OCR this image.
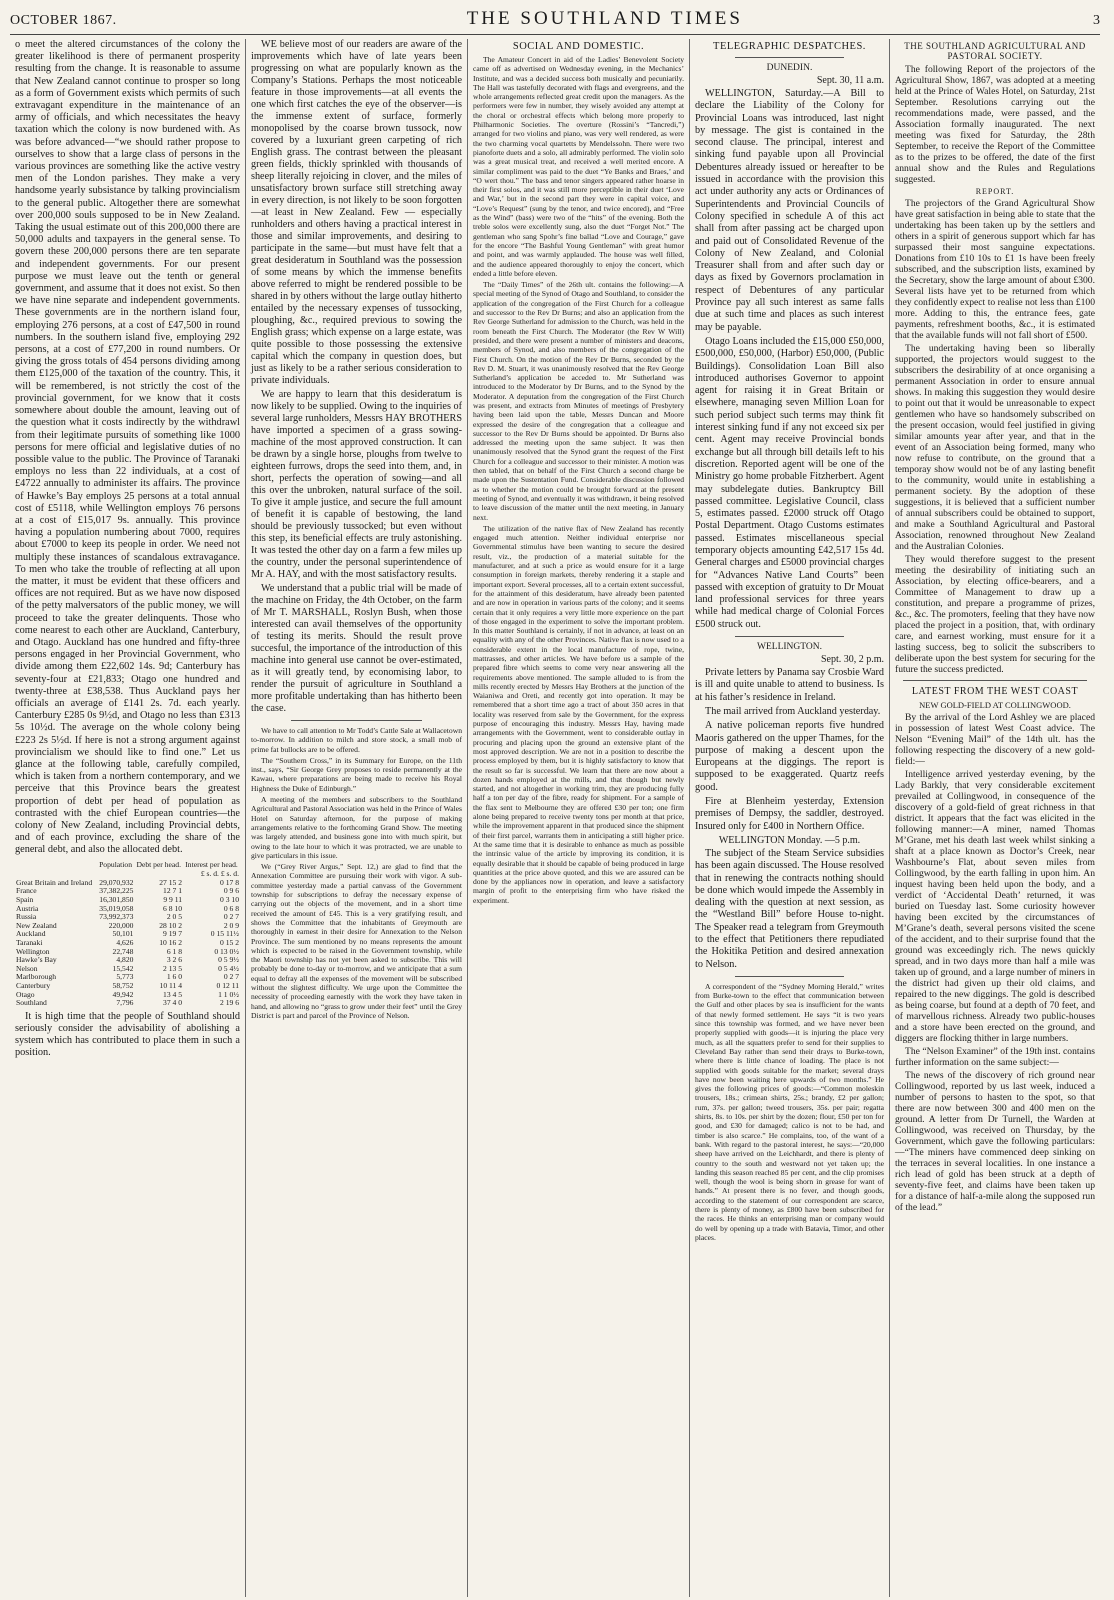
OCTOBER 1867.	THE SOUTHLAND TIMES	3

o meet the altered circumstances of the colony the greater likelihood is there of permanent prosperity resulting from the change. It is reasonable to assume that New Zealand cannot continue to prosper so long as a form of Government exists which permits of such extravagant expenditure in the maintenance of an army of officials, and which necessitates the heavy taxation which the colony is now burdened with. As was before advanced—“we should rather propose to ourselves to show that a large class of persons in the various provinces are something like the active vestry men of the London parishes. They make a very handsome yearly subsistance by talking provincialism to the general public. Altogether there are somewhat over 200,000 souls supposed to be in New Zealand. Taking the usual estimate out of this 200,000 there are 50,000 adults and taxpayers in the general sense. To govern these 200,000 persons there are ten separate and independent governments. For our present purpose we must leave out the tenth or general government, and assume that it does not exist. So then we have nine separate and independent governments. These governments are in the northern island four, employing 276 persons, at a cost of £47,500 in round numbers. In the southern island five, employing 292 persons, at a cost of £77,200 in round numbers. Or giving the gross totals of 454 persons dividing among them £125,000 of the taxation of the country. This, it will be remembered, is not strictly the cost of the provincial government, for we know that it costs somewhere about double the amount, leaving out of the question what it costs indirectly by the withdrawl from their legitimate pursuits of something like 1000 persons for mere official and legislative duties of no possible value to the public. The Province of Taranaki employs no less than 22 individuals, at a cost of £4722 annually to administer its affairs. The province of Hawke’s Bay employs 25 persons at a total annual cost of £5118, while Wellington employs 76 persons at a cost of £15,017 9s. annually. This province having a population numbering about 7000, requires about £7000 to keep its people in order. We need not multiply these instances of scandalous extravagance. To men who take the trouble of reflecting at all upon the matter, it must be evident that these officers and offices are not required. But as we have now disposed of the petty malversators of the public money, we will proceed to take the greater delinquents. Those who come nearest to each other are Auckland, Canterbury, and Otago. Auckland has one hundred and fifty-three persons engaged in her Provincial Government, who divide among them £22,602 14s. 9d; Canterbury has seventy-four at £21,833; Otago one hundred and twenty-three at £38,538. Thus Auckland pays her officials an average of £141 2s. 7d. each yearly. Canterbury £285 0s 9½d, and Otago no less than £313 5s 10½d. The average on the whole colony being £223 2s 5½d. If here is not a strong argument against provincialism we should like to find one.” Let us glance at the following table, carefully compiled, which is taken from a northern contemporary, and we perceive that this Province bears the greatest proportion of debt per head of population as contrasted with the chief European countries—the colony of New Zealand, including Provincial debts, and of each province, excluding the share of the general debt, and also the allocated debt.

	Population	Debt per head.	Interest per head.
		£ s. d. £ s. d.	
Great Britain and Ireland	29,070,932	27 15 2	0 17 8
France	37,382,225	12 7 1	0 9 6
Spain	16,301,850	9 9 11	0 3 10
Austria	35,019,058	6 8 10	0 6 8
Russia	73,992,373	2 0 5	0 2 7
New Zealand	220,000	28 10 2	2 0 9
Auckland	50,101	9 19 7	0 15 11½
Taranaki	4,626	10 16 2	0 15 2
Wellington	22,748	6 1 8	0 13 0½
Hawke’s Bay	4,820	3 2 6	0 5 9½
Nelson	15,542	2 13 5	0 5 4½
Marlborough	5,773	1 6 0	0 2 7
Canterbury	58,752	10 11 4	0 12 11
Otago	49,942	13 4 5	1 1 0½
Southland	7,796	37 4 0	2 19 6

It is high time that the people of Southland should seriously consider the advisability of abolishing a system which has contributed to place them in such a position.

WE believe most of our readers are aware of the improvements which have of late years been progressing on what are popularly known as the Company’s Stations. Perhaps the most noticeable feature in those improvements—at all events the one which first catches the eye of the observer—is the immense extent of surface, formerly monopolised by the coarse brown tussock, now covered by a luxuriant green carpeting of rich English grass. The contrast between the pleasant green fields, thickly sprinkled with thousands of sheep literally rejoicing in clover, and the miles of unsatisfactory brown surface still stretching away in every direction, is not likely to be soon forgotten—at least in New Zealand. Few — especially runholders and others having a practical interest in those and similar improvements, and desiring to participate in the same—but must have felt that a great desideratum in Southland was the possession of some means by which the immense benefits above referred to might be rendered possible to be shared in by others without the large outlay hitherto entailed by the necessary expenses of tussocking, ploughing, &c., required previous to sowing the English grass; which expense on a large estate, was quite possible to those possessing the extensive capital which the company in question does, but just as likely to be a rather serious consideration to private individuals.

We are happy to learn that this desideratum is now likely to be supplied. Owing to the inquiries of several large runholders, Messrs HAY BROTHERS have imported a specimen of a grass sowing-machine of the most approved construction. It can be drawn by a single horse, ploughs from twelve to eighteen furrows, drops the seed into them, and, in short, perfects the operation of sowing—and all this over the unbroken, natural surface of the soil. To give it ample justice, and secure the full amount of benefit it is capable of bestowing, the land should be previously tussocked; but even without this step, its beneficial effects are truly astonishing. It was tested the other day on a farm a few miles up the country, under the personal superintendence of Mr A. HAY, and with the most satisfactory results.

We understand that a public trial will be made of the machine on Friday, the 4th October, on the farm of Mr T. MARSHALL, Roslyn Bush, when those interested can avail themselves of the opportunity of testing its merits. Should the result prove succesful, the importance of the introduction of this machine into general use cannot be over-estimated, as it will greatly tend, by economising labor, to render the pursuit of agriculture in Southland a more profitable undertaking than has hitherto been the case.

We have to call attention to Mr Todd’s Cattle Sale at Wallacetown to-morrow. In addition to milch and store stock, a small mob of prime fat bullocks are to be offered.

The “Southern Cross,” in its Summary for Europe, on the 11th inst., says, “Sir George Grey proposes to reside permanently at the Kawau, where preparations are being made to receive his Royal Highness the Duke of Edinburgh.”

A meeting of the members and subscribers to the Southland Agricultural and Pastoral Association was held in the Prince of Wales Hotel on Saturday afternoon, for the purpose of making arrangements relative to the forthcoming Grand Show. The meeting was largely attended, and business gone into with much spirit, but owing to the late hour to which it was protracted, we are unable to give particulars in this issue.

We (“Grey River Argus,” Sept. 12,) are glad to find that the Annexation Committee are pursuing their work with vigor. A sub-committee yesterday made a partial canvass of the Government township for subscriptions to defray the necessary expense of carrying out the objects of the movement, and in a short time received the amount of £45. This is a very gratifying result, and shows the Committee that the inhabitants of Greymouth are thoroughly in earnest in their desire for Annexation to the Nelson Province. The sum mentioned by no means represents the amount which is expected to be raised in the Government township, while the Maori township has not yet been asked to subscribe. This will probably be done to-day or to-morrow, and we anticipate that a sum equal to defray all the expenses of the movement will be subscribed without the slightest difficulty. We urge upon the Committee the necessity of proceeding earnestly with the work they have taken in hand, and allowing no “grass to grow under their feet” until the Grey District is part and parcel of the Province of Nelson.

SOCIAL AND DOMESTIC.

The Amateur Concert in aid of the Ladies’ Benevolent Society came off as advertised on Wednesday evening, in the Mechanics’ Institute, and was a decided success both musically and pecuniarily. The Hall was tastefully decorated with flags and evergreens, and the whole arrangements reflected great credit upon the managers. As the performers were few in number, they wisely avoided any attempt at the choral or orchestral effects which belong more properly to Philharmonic Societies. The overture (Rossini’s “Tancredi,”) arranged for two violins and piano, was very well rendered, as were the two charming vocal quartetts by Mendelssohn. There were two pianoforte duets and a solo, all admirably performed. The violin solo was a great musical treat, and received a well merited encore. A similar compliment was paid to the duet “Ye Banks and Braes,’ and “O wert thou.” The bass and tenor singers appeared rather hoarse in their first solos, and it was still more perceptible in their duet ‘Love and War,’ but in the second part they were in capital voice, and “Love’s Request” (sung by the tenor, and twice encored), and “Free as the Wind” (bass) were two of the “hits” of the evening. Both the treble solos were excellently sung, also the duet “Forget Not.” The gentleman who sang Spohr’s fine ballad “Love and Courage,” gave for the encore “The Bashful Young Gentleman” with great humor and point, and was warmly applauded. The house was well filled, and the audience appeared thoroughly to enjoy the concert, which ended a little before eleven.

The “Daily Times” of the 26th ult. contains the following:—A special meeting of the Synod of Otago and Southland, to consider the application of the congregation of the First Church for a colleague and successor to the Rev Dr Burns; and also an application from the Rev George Sutherland for admission to the Church, was held in the room beneath the First Church. The Moderator (the Rev W Will) presided, and there were present a number of ministers and deacons, members of Synod, and also members of the congregation of the First Church. On the motion of the Rev Dr Burns, seconded by the Rev D. M. Stuart, it was unanimously resolved that the Rev George Sutherland’s application be acceded to. Mr Sutherland was introduced to the Moderator by Dr Burns, and to the Synod by the Moderator. A deputation from the congregation of the First Church was present, and extracts from Minutes of meetings of Presbytery having been laid upon the table, Messrs Duncan and Moore expressed the desire of the congregation that a colleague and successor to the Rev Dr Burns should be appointed. Dr Burns also addressed the meeting upon the same subject. It was then unanimously resolved that the Synod grant the request of the First Church for a colleague and successor to their minister. A motion was then tabled, that on behalf of the First Church a second charge be made upon the Sustentation Fund. Considerable discussion followed as to whether the motion could be brought forward at the present meeting of Synod, and eventually it was withdrawn, it being resolved to leave discussion of the matter until the next meeting, in January next.

The utilization of the native flax of New Zealand has recently engaged much attention. Neither individual enterprise nor Governmental stimulus have been wanting to secure the desired result, viz., the production of a material suitable for the manufacturer, and at such a price as would ensure for it a large consumption in foreign markets, thereby rendering it a staple and important export. Several processes, all to a certain extent successful, for the attainment of this desideratum, have already been patented and are now in operation in various parts of the colony; and it seems certain that it only requires a very little more experience on the part of those engaged in the experiment to solve the important problem. In this matter Southland is certainly, if not in advance, at least on an equality with any of the other Provinces. Native flax is now used to a considerable extent in the local manufacture of rope, twine, mattrasses, and other articles. We have before us a sample of the prepared fibre which seems to come very near answering all the requirements above mentioned. The sample alluded to is from the mills recently erected by Messrs Hay Brothers at the junction of the Waianiwa and Oreti, and recently got into operation. It may be remembered that a short time ago a tract of about 350 acres in that locality was reserved from sale by the Government, for the express purpose of encouraging this industry. Messrs Hay, having made arrangements with the Government, went to considerable outlay in procuring and placing upon the ground an extensive plant of the most approved description. We are not in a position to describe the process employed by them, but it is highly satisfactory to know that the result so far is successful. We learn that there are now about a dozen hands employed at the mills, and that though but newly started, and not altogether in working trim, they are producing fully half a ton per day of the fibre, ready for shipment. For a sample of the flax sent to Melbourne they are offered £30 per ton; one firm alone being prepared to receive twenty tons per month at that price, while the improvement apparent in that produced since the shipment of their first parcel, warrants them in anticipating a still higher price. At the same time that it is desirable to enhance as much as possible the intrinsic value of the article by improving its condition, it is equally desirable that it should be capable of being produced in large quantities at the price above quoted, and this we are assured can be done by the appliances now in operation, and leave a satisfactory margin of profit to the enterprising firm who have risked the experiment.

TELEGRAPHIC DESPATCHES.
DUNEDIN.
Sept. 30, 11 a.m.

WELLINGTON, Saturday.—A Bill to declare the Liability of the Colony for Provincial Loans was introduced, last night by message. The gist is contained in the second clause. The principal, interest and sinking fund payable upon all Provincial Debentures already issued or hereafter to be issued in accordance with the provision this act under authority any acts or Ordinances of Superintendents and Provincial Councils of Colony specified in schedule A of this act shall from after passing act be charged upon and paid out of Consolidated Revenue of the Colony of New Zealand, and Colonial Treasurer shall from and after such day or days as fixed by Governors proclamation in respect of Debentures of any particular Province pay all such interest as same falls due at such time and places as such interest may be payable.

Otago Loans included the £15,000 £50,000, £500,000, £50,000, (Harbor) £50,000, (Public Buildings). Consolidation Loan Bill also introduced authorises Governor to appoint agent for raising it in Great Britain or elsewhere, managing seven Million Loan for such period subject such terms may think fit interest sinking fund if any not exceed six per cent. Agent may receive Provincial bonds exchange but all through bill details left to his discretion. Reported agent will be one of the Ministry go home probable Fitzherbert. Agent may subdelegate duties. Bankruptcy Bill passed committee. Legislative Council, class 5, estimates passed. £2000 struck off Otago Postal Department. Otago Customs estimates passed. Estimates miscellaneous special temporary objects amounting £42,517 15s 4d. General charges and £5000 provincial charges for “Advances Native Land Courts” been passed with exception of gratuity to Dr Mouat land professional services for three years while had medical charge of Colonial Forces £500 struck out.

WELLINGTON.
Sept. 30, 2 p.m.

Private letters by Panama say Crosbie Ward is ill and quite unable to attend to business. Is at his father’s residence in Ireland.

The mail arrived from Auckland yesterday.

A native policeman reports five hundred Maoris gathered on the upper Thames, for the purpose of making a descent upon the Europeans at the diggings. The report is supposed to be exaggerated. Quartz reefs good.

Fire at Blenheim yesterday, Extension premises of Dempsy, the saddler, destroyed. Insured only for £400 in Northern Office.

WELLINGTON Monday. —5 p.m.

The subject of the Steam Service subsidies has been again discussed. The House resolved that in renewing the contracts nothing should be done which would impede the Assembly in dealing with the question at next session, as the “Westland Bill” before House to-night. The Speaker read a telegram from Greymouth to the effect that Petitioners there repudiated the Hokitika Petition and desired annexation to Nelson.

A correspondent of the “Sydney Morning Herald,” writes from Burke-town to the effect that communication between the Gulf and other places by sea is insufficient for the wants of that newly formed settlement. He says “it is two years since this township was formed, and we have never been properly supplied with goods—it is injuring the place very much, as all the squatters prefer to send for their supplies to Cleveland Bay rather than send their drays to Burke-town, where there is little chance of loading. The place is not supplied with goods suitable for the market; several drays have now been waiting here upwards of two months.” He gives the following prices of goods:—“Common moleskin trousers, 18s.; crimean shirts, 25s.; brandy, £2 per gallon; rum, 37s. per gallon; tweed trousers, 35s. per pair; regatta shirts, 8s. to 10s. per shirt by the dozen; flour, £50 per ton for good, and £30 for damaged; calico is not to be had, and timber is also scarce.” He complains, too, of the want of a bank. With regard to the pastoral interest, he says:—“20,000 sheep have arrived on the Leichhardt, and there is plenty of country to the south and westward not yet taken up; the landing this season reached 85 per cent, and the clip promises well, though the wool is being shorn in grease for want of hands.” At present there is no fever, and though goods, according to the statement of our correspondent are scarce, there is plenty of money, as £800 have been subscribed for the races. He thinks an enterprising man or company would do well by opening up a trade with Batavia, Timor, and other places.

THE SOUTHLAND AGRICULTURAL AND PASTORAL SOCIETY.

The following Report of the projectors of the Agricultural Show, 1867, was adopted at a meeting held at the Prince of Wales Hotel, on Saturday, 21st September. Resolutions carrying out the recommendations made, were passed, and the Association formally inaugurated. The next meeting was fixed for Saturday, the 28th September, to receive the Report of the Committee as to the prizes to be offered, the date of the first annual show and the Rules and Regulations suggested.

REPORT.

The projectors of the Grand Agricultural Show have great satisfaction in being able to state that the undertaking has been taken up by the settlers and others in a spirit of generous support which far has surpassed their most sanguine expectations. Donations from £10 10s to £1 1s have been freely subscribed, and the subscription lists, examined by the Secretary, show the large amount of about £300. Several lists have yet to be returned from which they confidently expect to realise not less than £100 more. Adding to this, the entrance fees, gate payments, refreshment booths, &c., it is estimated that the available funds will not fall short of £500.

The undertaking having been so liberally supported, the projectors would suggest to the subscribers the desirability of at once organising a permanent Association in order to ensure annual shows. In making this suggestion they would desire to point out that it would be unreasonable to expect gentlemen who have so handsomely subscribed on the present occasion, would feel justified in giving similar amounts year after year, and that in the event of an Association being formed, many who now refuse to contribute, on the ground that a temporay show would not be of any lasting benefit to the community, would unite in establishing a permanent society. By the adoption of these suggestions, it is believed that a sufficient number of annual subscribers could be obtained to support, and make a Southland Agricultural and Pastoral Association, renowned throughout New Zealand and the Australian Colonies.

They would therefore suggest to the present meeting the desirability of initiating such an Association, by electing office-bearers, and a Committee of Management to draw up a constitution, and prepare a programme of prizes, &c., &c. The promoters, feeling that they have now placed the project in a position, that, with ordinary care, and earnest working, must ensure for it a lasting success, beg to solicit the subscribers to deliberate upon the best system for securing for the future the success predicted.

LATEST FROM THE WEST COAST
NEW GOLD-FIELD AT COLLINGWOOD.

By the arrival of the Lord Ashley we are placed in possession of latest West Coast advice. The Nelson “Evening Mail” of the 14th ult. has the following respecting the discovery of a new gold-field:—

Intelligence arrived yesterday evening, by the Lady Barkly, that very considerable excitement prevailed at Collingwood, in consequence of the discovery of a gold-field of great richness in that district. It appears that the fact was elicited in the following manner:—A miner, named Thomas M’Grane, met his death last week whilst sinking a shaft at a place known as Doctor’s Creek, near Washbourne’s Flat, about seven miles from Collingwood, by the earth falling in upon him. An inquest having been held upon the body, and a verdict of ‘Accidental Death’ returned, it was buried on Tuesday last. Some curiosity however having been excited by the circumstances of M’Grane’s death, several persons visited the scene of the accident, and to their surprise found that the ground was exceedingly rich. The news quickly spread, and in two days more than half a mile was taken up of ground, and a large number of miners in the district had given up their old claims, and repaired to the new diggings. The gold is described as being coarse, but found at a depth of 70 feet, and of marvellous richness. Already two public-houses and a store have been erected on the ground, and diggers are flocking thither in large numbers.

The “Nelson Examiner” of the 19th inst. contains further information on the same subject:—

The news of the discovery of rich ground near Collingwood, reported by us last week, induced a number of persons to hasten to the spot, so that there are now between 300 and 400 men on the ground. A letter from Dr Turnell, the Warden at Collingwood, was received on Thursday, by the Government, which gave the following particulars:—“The miners have commenced deep sinking on the terraces in several localities. In one instance a rich lead of gold has been struck at a depth of seventy-five feet, and claims have been taken up for a distance of half-a-mile along the supposed run of the lead.”
